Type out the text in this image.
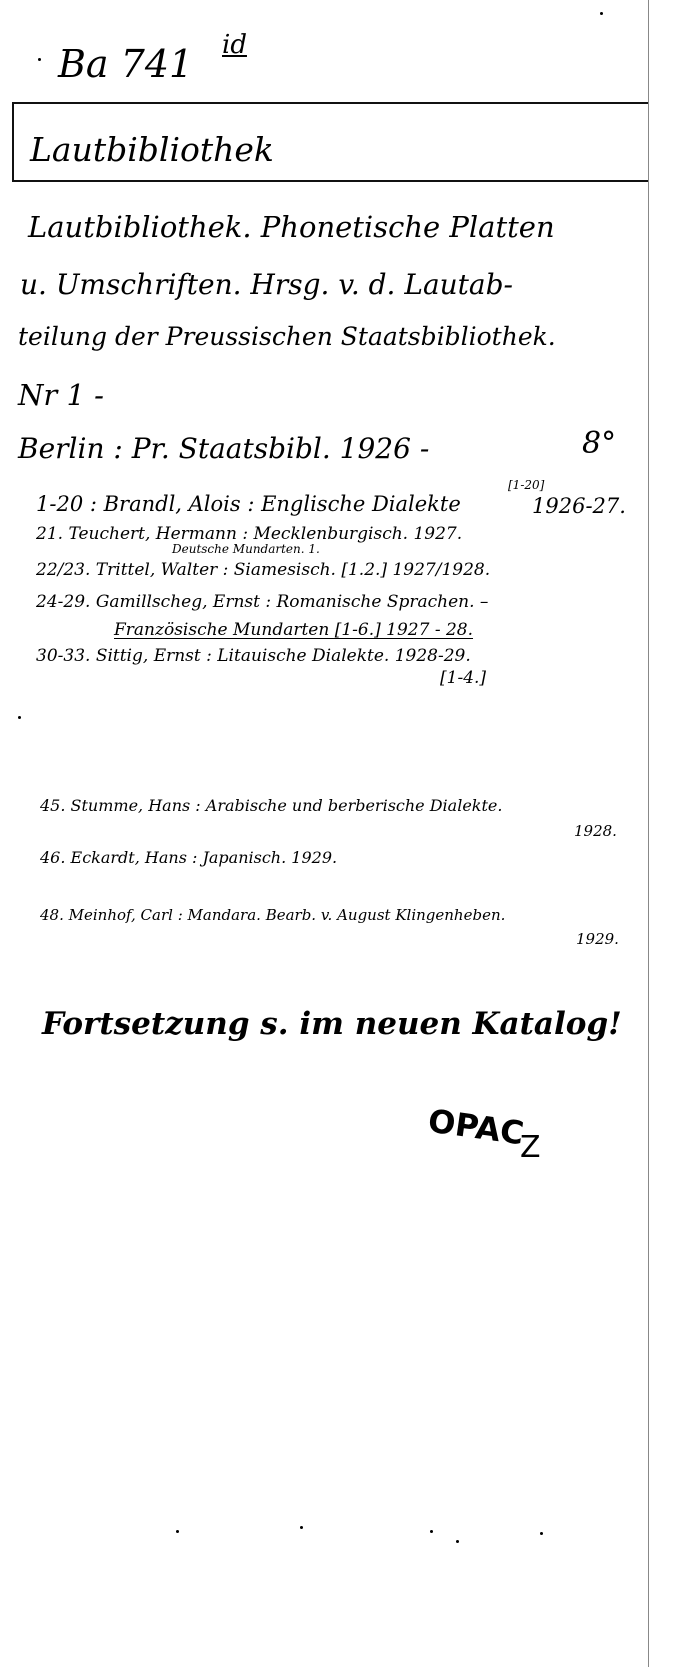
Ba 741 id
Lautbibliothek
Lautbibliothek. Phonetische Platten
u. Umschriften. Hrsg. v. d. Lautab-
teilung der Preussischen Staatsbibliothek.
Nr 1 -
Berlin : Pr. Staatsbibl. 1926 -	8°
1-20 : Brandl, Alois : Englische Dialekte
[1-20]
1926-27.
21. Teuchert, Hermann : Mecklenburgisch. 1927.
Deutsche Mundarten. 1.
22/23. Trittel, Walter : Siamesisch. [1.2.] 1927/1928.
24-29. Gamillscheg, Ernst : Romanische Sprachen. –
Französische Mundarten [1-6.] 1927 - 28.
30-33. Sittig, Ernst : Litauische Dialekte. 1928-29.
[1-4.]
45. Stumme, Hans : Arabische und berberische Dialekte.
1928.
46. Eckardt, Hans : Japanisch. 1929.
48. Meinhof, Carl : Mandara. Bearb. v. August Klingenheben.
1929.
Fortsetzung s. im neuen Katalog!
OPAC
Z
